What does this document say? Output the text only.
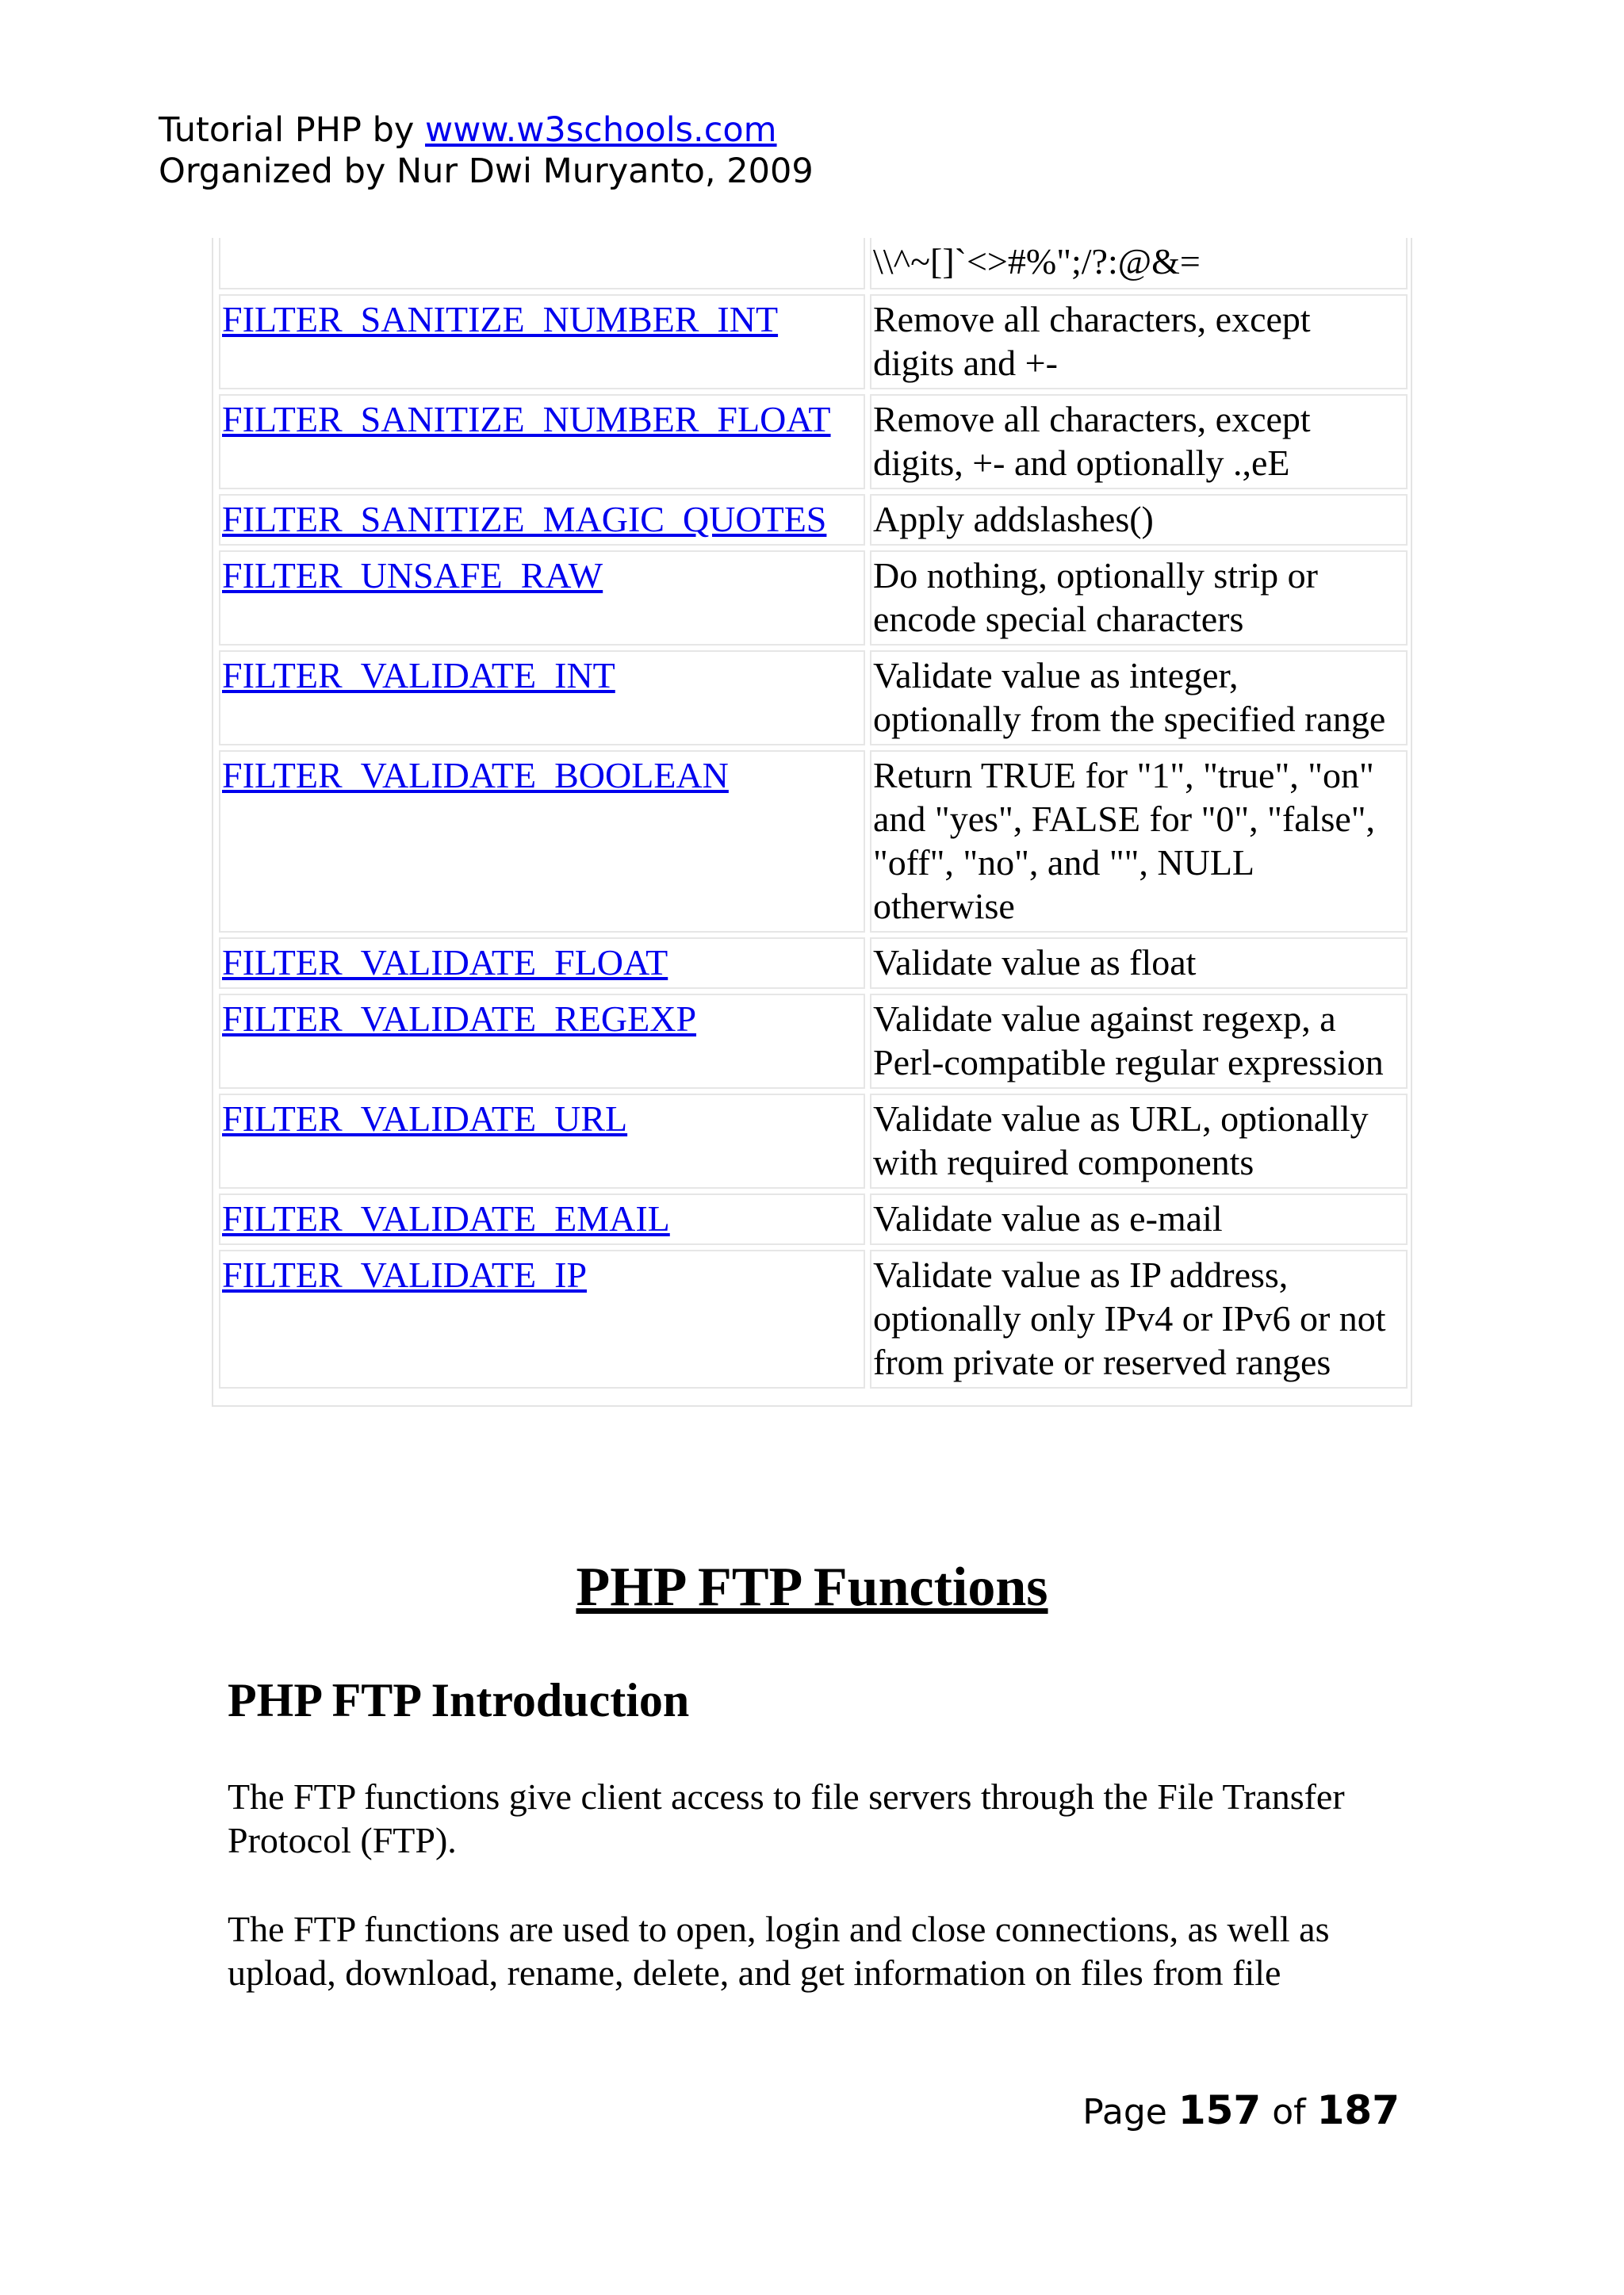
Tutorial PHP by www.w3schools.com
Organized by Nur Dwi Muryanto, 2009
\\^~[]`<>#%";/?:@&=
FILTER_SANITIZE_NUMBER_INT	Remove all characters, except
digits and +-
FILTER_SANITIZE_NUMBER_FLOAT	Remove all characters, except
digits, +- and optionally .,eE
FILTER_SANITIZE_MAGIC_QUOTES	Apply addslashes()
FILTER_UNSAFE_RAW	Do nothing, optionally strip or
encode special characters
FILTER_VALIDATE_INT	Validate value as integer,
optionally from the specified range
FILTER_VALIDATE_BOOLEAN	Return TRUE for "1", "true", "on"
and "yes", FALSE for "0", "false",
"off", "no", and "", NULL
otherwise
FILTER_VALIDATE_FLOAT	Validate value as float
FILTER_VALIDATE_REGEXP	Validate value against regexp, a
Perl-compatible regular expression
FILTER_VALIDATE_URL	Validate value as URL, optionally
with required components
FILTER_VALIDATE_EMAIL	Validate value as e-mail
FILTER_VALIDATE_IP	Validate value as IP address,
optionally only IPv4 or IPv6 or not
from private or reserved ranges
PHP FTP Functions
PHP FTP Introduction
The FTP functions give client access to file servers through the File Transfer
Protocol (FTP).
The FTP functions are used to open, login and close connections, as well as
upload, download, rename, delete, and get information on files from file
Page 157 of 187
